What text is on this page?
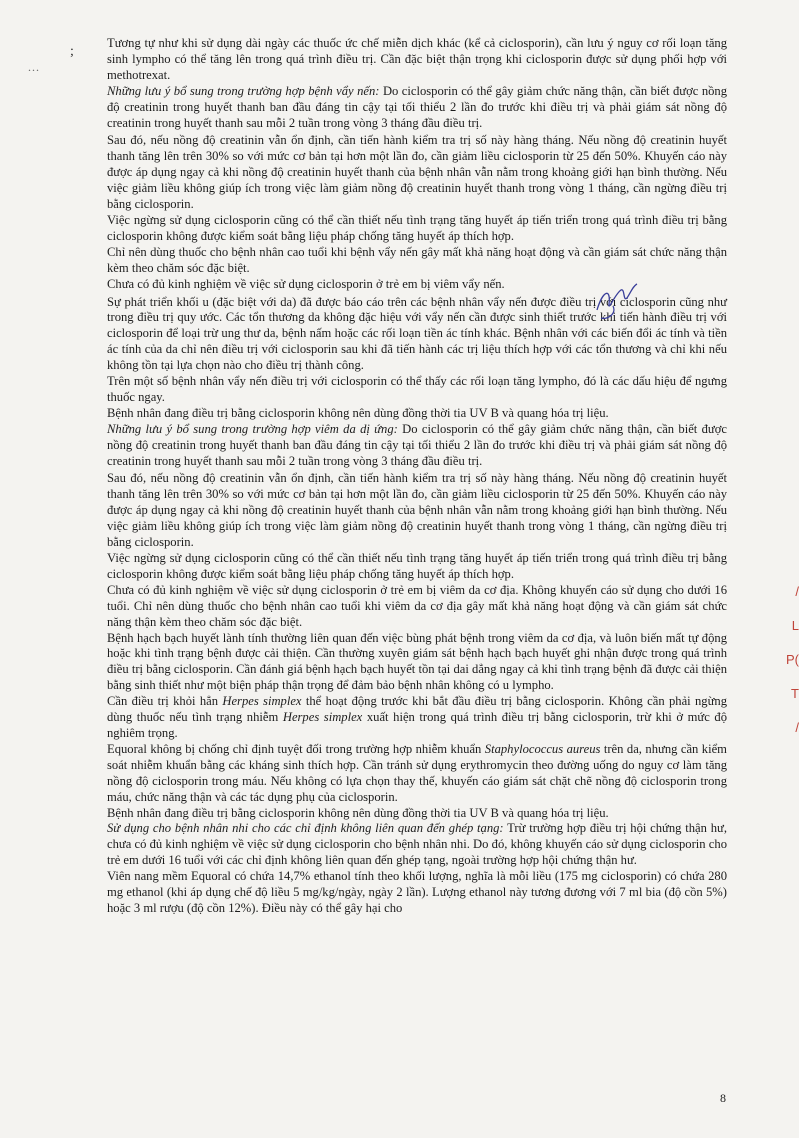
;
...

Tương tự như khi sử dụng dài ngày các thuốc ức chế miễn dịch khác (kể cả ciclosporin), cần lưu ý nguy cơ rối loạn tăng sinh lympho có thể tăng lên trong quá trình điều trị. Cần đặc biệt thận trọng khi ciclosporin được sử dụng phối hợp với methotrexat.

Những lưu ý bổ sung trong trường hợp bệnh vẩy nến: Do ciclosporin có thể gây giảm chức năng thận, cần biết được nồng độ creatinin trong huyết thanh ban đầu đáng tin cậy tại tối thiểu 2 lần đo trước khi điều trị và phải giám sát nồng độ creatinin trong huyết thanh sau mỗi 2 tuần trong vòng 3 tháng đầu điều trị.

Sau đó, nếu nồng độ creatinin vẫn ổn định, cần tiến hành kiểm tra trị số này hàng tháng. Nếu nồng độ creatinin huyết thanh tăng lên trên 30% so với mức cơ bản tại hơn một lần đo, cần giảm liều ciclosporin từ 25 đến 50%. Khuyến cáo này được áp dụng ngay cả khi nồng độ creatinin huyết thanh của bệnh nhân vẫn nằm trong khoảng giới hạn bình thường. Nếu việc giảm liều không giúp ích trong việc làm giảm nồng độ creatinin huyết thanh trong vòng 1 tháng, cần ngừng điều trị bằng ciclosporin.

Việc ngừng sử dụng ciclosporin cũng có thể cần thiết nếu tình trạng tăng huyết áp tiến triển trong quá trình điều trị bằng ciclosporin không được kiểm soát bằng liệu pháp chống tăng huyết áp thích hợp.

Chỉ nên dùng thuốc cho bệnh nhân cao tuổi khi bệnh vẩy nến gây mất khả năng hoạt động và cần giám sát chức năng thận kèm theo chăm sóc đặc biệt.

Chưa có đủ kinh nghiệm về việc sử dụng ciclosporin ở trẻ em bị viêm vẩy nến.

Sự phát triển khối u (đặc biệt với da) đã được báo cáo trên các bệnh nhân vẩy nến được điều trị với ciclosporin cũng như trong điều trị quy ước. Các tổn thương da không đặc hiệu với vẩy nến cần được sinh thiết trước khi tiến hành điều trị với ciclosporin để loại trừ ung thư da, bệnh nấm hoặc các rối loạn tiền ác tính khác. Bệnh nhân với các biến đổi ác tính và tiền ác tính của da chỉ nên điều trị với ciclosporin sau khi đã tiến hành các trị liệu thích hợp với các tổn thương và chỉ khi nếu không tồn tại lựa chọn nào cho điều trị thành công.

Trên một số bệnh nhân vẩy nến điều trị với ciclosporin có thể thấy các rối loạn tăng lympho, đó là các dấu hiệu để ngưng thuốc ngay.

Bệnh nhân đang điều trị bằng ciclosporin không nên dùng đồng thời tia UV B và quang hóa trị liệu.

Những lưu ý bổ sung trong trường hợp viêm da dị ứng: Do ciclosporin có thể gây giảm chức năng thận, cần biết được nồng độ creatinin trong huyết thanh ban đầu đáng tin cậy tại tối thiểu 2 lần đo trước khi điều trị và phải giám sát nồng độ creatinin trong huyết thanh sau mỗi 2 tuần trong vòng 3 tháng đầu điều trị.

Sau đó, nếu nồng độ creatinin vẫn ổn định, cần tiến hành kiểm tra trị số này hàng tháng. Nếu nồng độ creatinin huyết thanh tăng lên trên 30% so với mức cơ bản tại hơn một lần đo, cần giảm liều ciclosporin từ 25 đến 50%. Khuyến cáo này được áp dụng ngay cả khi nồng độ creatinin huyết thanh của bệnh nhân vẫn nằm trong khoảng giới hạn bình thường. Nếu việc giảm liều không giúp ích trong việc làm giảm nồng độ creatinin huyết thanh trong vòng 1 tháng, cần ngừng điều trị bằng ciclosporin.

Việc ngừng sử dụng ciclosporin cũng có thể cần thiết nếu tình trạng tăng huyết áp tiến triển trong quá trình điều trị bằng ciclosporin không được kiểm soát bằng liệu pháp chống tăng huyết áp thích hợp.

Chưa có đủ kinh nghiệm về việc sử dụng ciclosporin ở trẻ em bị viêm da cơ địa. Không khuyến cáo sử dụng cho dưới 16 tuổi. Chỉ nên dùng thuốc cho bệnh nhân cao tuổi khi viêm da cơ địa gây mất khả năng hoạt động và cần giám sát chức năng thận kèm theo chăm sóc đặc biệt.

Bệnh hạch bạch huyết lành tính thường liên quan đến việc bùng phát bệnh trong viêm da cơ địa, và luôn biến mất tự động hoặc khi tình trạng bệnh được cải thiện. Cần thường xuyên giám sát bệnh hạch bạch huyết ghi nhận được trong quá trình điều trị bằng ciclosporin. Cần đánh giá bệnh hạch bạch huyết tồn tại dai dẳng ngay cả khi tình trạng bệnh đã được cải thiện bằng sinh thiết như một biện pháp thận trọng để đảm bảo bệnh nhân không có u lympho.

Cần điều trị khỏi hẳn Herpes simplex thể hoạt động trước khi bắt đầu điều trị bằng ciclosporin. Không cần phải ngừng dùng thuốc nếu tình trạng nhiễm Herpes simplex xuất hiện trong quá trình điều trị bằng ciclosporin, trừ khi ở mức độ nghiêm trọng.

Equoral không bị chống chỉ định tuyệt đối trong trường hợp nhiễm khuẩn Staphylococcus aureus trên da, nhưng cần kiểm soát nhiễm khuẩn bằng các kháng sinh thích hợp. Cần tránh sử dụng erythromycin theo đường uống do nguy cơ làm tăng nồng độ ciclosporin trong máu. Nếu không có lựa chọn thay thế, khuyến cáo giám sát chặt chẽ nồng độ ciclosporin trong máu, chức năng thận và các tác dụng phụ của ciclosporin.

Bệnh nhân đang điều trị bằng ciclosporin không nên dùng đồng thời tia UV B và quang hóa trị liệu.

Sử dụng cho bệnh nhân nhi cho các chỉ định không liên quan đến ghép tạng: Trừ trường hợp điều trị hội chứng thận hư, chưa có đủ kinh nghiệm về việc sử dụng ciclosporin cho bệnh nhân nhi. Do đó, không khuyến cáo sử dụng ciclosporin cho trẻ em dưới 16 tuổi với các chỉ định không liên quan đến ghép tạng, ngoài trường hợp hội chứng thận hư.

Viên nang mềm Equoral có chứa 14,7% ethanol tính theo khối lượng, nghĩa là mỗi liều (175 mg ciclosporin) có chứa 280 mg ethanol (khi áp dụng chế độ liều 5 mg/kg/ngày, ngày 2 lần). Lượng ethanol này tương đương với 7 ml bia (độ cồn 5%) hoặc 3 ml rượu (độ cồn 12%). Điều này có thể gây hại cho

/
L
P(
T
/
8
